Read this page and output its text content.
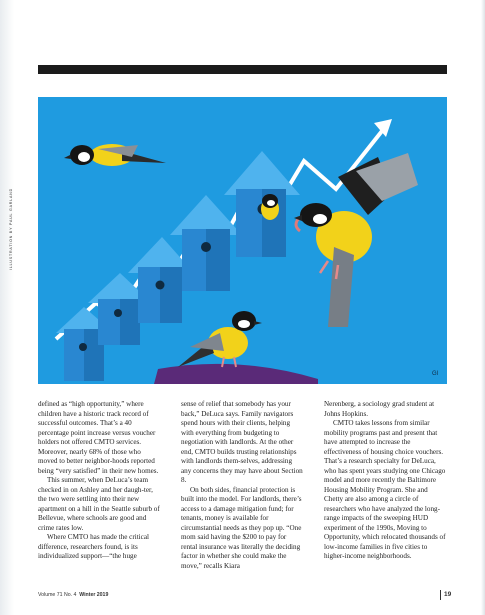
ILLUSTRATION BY PAUL GARLAND
Gl

defined as “high opportunity,” where children have a historic track record of successful outcomes. That’s a 40 percentage point increase versus voucher holders not offered CMTO services. Moreover, nearly 68% of those who moved to better neighbor-hoods reported being “very satisfied” in their new homes.

This summer, when DeLuca’s team checked in on Ashley and her daugh-ter, the two were settling into their new apartment on a hill in the Seattle suburb of Bellevue, where schools are good and crime rates low.

Where CMTO has made the critical difference, researchers found, is its individualized support—“the huge

sense of relief that somebody has your back,” DeLuca says. Family navigators spend hours with their clients, helping with everything from budgeting to negotiation with landlords. At the other end, CMTO builds trusting relationships with landlords them-selves, addressing any concerns they may have about Section 8.

On both sides, financial protection is built into the model. For landlords, there’s access to a damage mitigation fund; for tenants, money is available for circumstantial needs as they pop up. “One mom said having the $200 to pay for rental insurance was literally the deciding factor in whether she could make the move,” recalls Kiara

Nerenberg, a sociology grad student at Johns Hopkins.

CMTO takes lessons from similar mobility programs past and present that have attempted to increase the effectiveness of housing choice vouchers. That’s a research specialty for DeLuca, who has spent years studying one Chicago model and more recently the Baltimore Housing Mobility Program. She and Chetty are also among a circle of researchers who have analyzed the long-range impacts of the sweeping HUD experiment of the 1990s, Moving to Opportunity, which relocated thousands of low-income families in five cities to higher-income neighborhoods.

Volume 71 No. 4 Winter 2019	19
